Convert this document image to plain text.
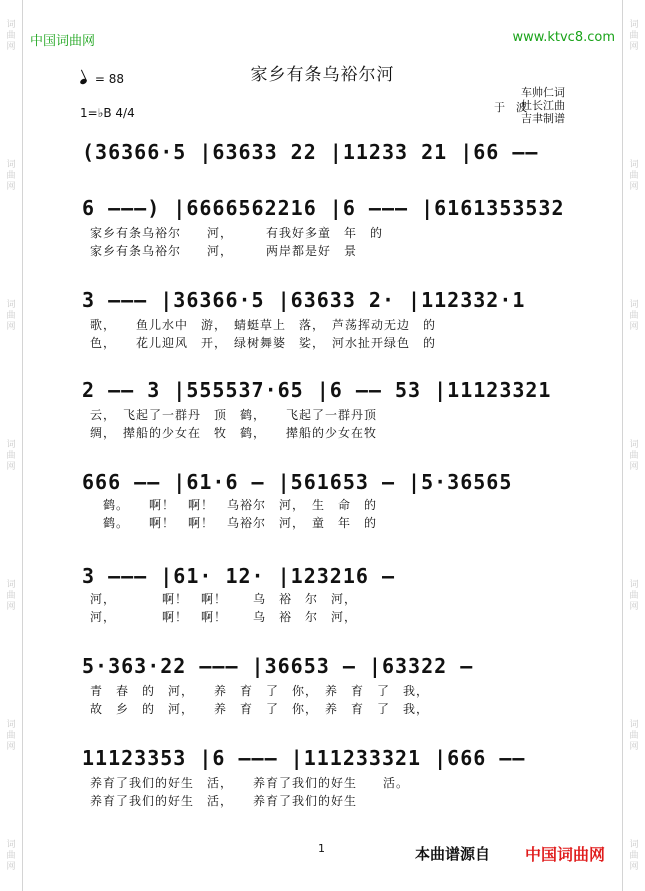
词曲网
词曲网
词曲网
词曲网
词曲网
词曲网
词曲网
词曲网
词曲网
词曲网
词曲网
词曲网
词曲网
词曲网
中国词曲网	www.ktvc8.com
家乡有条乌裕尔河
= 88
1=♭B 4/4
车帅仁词
杜长江曲
吉聿制谱
于　波
(36366·5 |63633 22 |11233 21 |66 ——
6 ———) |6666562216 |6 ——— |6161353532
家乡有条乌裕尔　　河，　　　有我好多童　年　的
家乡有条乌裕尔　　河，　　　两岸都是好　景
3 ——— |36366·5 |63633 2· |112332·1
歌，　　鱼儿水中　游，　蜻蜓草上　落，　芦荡挥动无边　的
色，　　花儿迎风　开，　绿树舞婆　娑，　河水扯开绿色　的
2 —— 3 |555537·65 |6 —— 53 |11123321
云，　飞起了一群丹　顶　鹤，　　飞起了一群丹顶
绸，　撵船的少女在　牧　鹤，　　撵船的少女在牧
666 —— |61·6 — |561653 — |5·36565
　鹤。　　啊！　啊！　乌裕尔　河，　生　命　的
　鹤。　　啊！　啊！　乌裕尔　河，　童　年　的
3 ——— |61· 12· |123216 —
河，　　　　啊！　啊！　　乌　裕　尔　河，
河，　　　　啊！　啊！　　乌　裕　尔　河，
5·363·22 ——— |36653 — |63322 —
青　春　的　河，　　养　育　了　你，　养　育　了　我，
故　乡　的　河，　　养　育　了　你，　养　育　了　我，
11123353 |6 ——— |111233321 |666 ——
养育了我们的好生　活，　　养育了我们的好生　　活。
养育了我们的好生　活，　　养育了我们的好生
1	本曲谱源自 中国词曲网
